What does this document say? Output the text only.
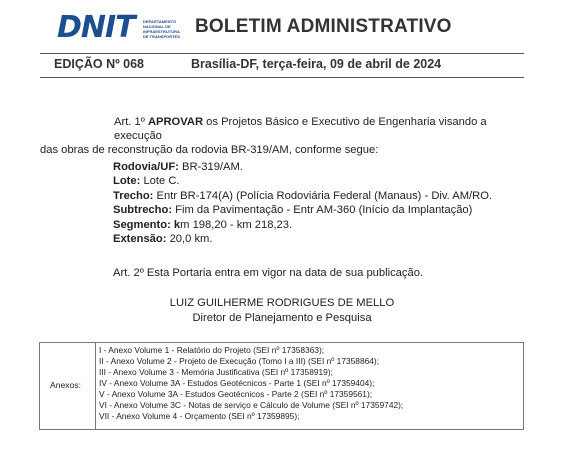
DNIT DEPARTAMENTO
NACIONAL DE
INFRAESTRUTURA
DE TRANSPORTES BOLETIM ADMINISTRATIVO
EDIÇÃO Nº 068	Brasília-DF, terça-feira, 09 de abril de 2024
Art. 1º APROVAR os Projetos Básico e Executivo de Engenharia visando a execução
das obras de reconstrução da rodovia BR-319/AM, conforme segue:
Rodovia/UF: BR-319/AM.
Lote: Lote C.
Trecho: Entr BR-174(A) (Polícia Rodoviária Federal (Manaus) - Div. AM/RO.
Subtrecho: Fim da Pavimentação - Entr AM-360 (Início da Implantação)
Segmento: km 198,20 - km 218,23.
Extensão: 20,0 km.
Art. 2º Esta Portaria entra em vigor na data de sua publicação.
LUIZ GUILHERME RODRIGUES DE MELLO
Diretor de Planejamento e Pesquisa
Anexos:
I - Anexo Volume 1 - Relatório do Projeto (SEI nº 17358363);
II - Anexo Volume 2 - Projeto de Execução (Tomo I a III) (SEI nº 17358864);
III - Anexo Volume 3 - Memória Justificativa (SEI nº 17358919);
IV - Anexo Volume 3A - Estudos Geotécnicos - Parte 1 (SEI nº 17359404);
V - Anexo Volume 3A - Estudos Geotécnicos - Parte 2 (SEI nº 17359561);
VI - Anexo Volume 3C - Notas de serviço e Cálculo de Volume (SEI nº 17359742);
VII - Anexo Volume 4 - Orçamento (SEI nº 17359895);
